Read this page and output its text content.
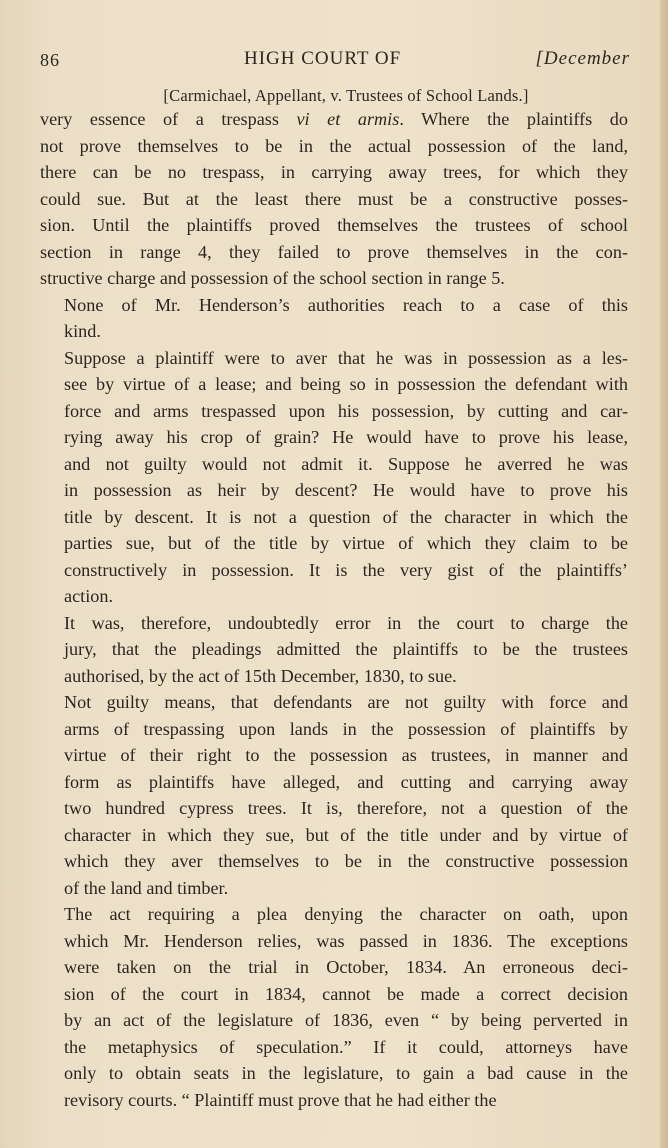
86	HIGH COURT OF	[December
[Carmichael, Appellant, v. Trustees of School Lands.]

very essence of a trespass vi et armis. Where the plaintiffs do
not prove themselves to be in the actual possession of the land,
there can be no trespass, in carrying away trees, for which they
could sue. But at the least there must be a constructive posses-
sion. Until the plaintiffs proved themselves the trustees of school
section in range 4, they failed to prove themselves in the con-
structive charge and possession of the school section in range 5.

None of Mr. Henderson’s authorities reach to a case of this
kind.

Suppose a plaintiff were to aver that he was in possession as a les-
see by virtue of a lease; and being so in possession the defendant with
force and arms trespassed upon his possession, by cutting and car-
rying away his crop of grain? He would have to prove his lease,
and not guilty would not admit it. Suppose he averred he was
in possession as heir by descent? He would have to prove his
title by descent. It is not a question of the character in which the
parties sue, but of the title by virtue of which they claim to be
constructively in possession. It is the very gist of the plaintiffs’
action.

It was, therefore, undoubtedly error in the court to charge the
jury, that the pleadings admitted the plaintiffs to be the trustees
authorised, by the act of 15th December, 1830, to sue.

Not guilty means, that defendants are not guilty with force and
arms of trespassing upon lands in the possession of plaintiffs by
virtue of their right to the possession as trustees, in manner and
form as plaintiffs have alleged, and cutting and carrying away
two hundred cypress trees. It is, therefore, not a question of the
character in which they sue, but of the title under and by virtue of
which they aver themselves to be in the constructive possession
of the land and timber.

The act requiring a plea denying the character on oath, upon
which Mr. Henderson relies, was passed in 1836. The exceptions
were taken on the trial in October, 1834. An erroneous deci-
sion of the court in 1834, cannot be made a correct decision
by an act of the legislature of 1836, even “ by being perverted in
the metaphysics of speculation.” If it could, attorneys have
only to obtain seats in the legislature, to gain a bad cause in the
revisory courts. “ Plaintiff must prove that he had either the
